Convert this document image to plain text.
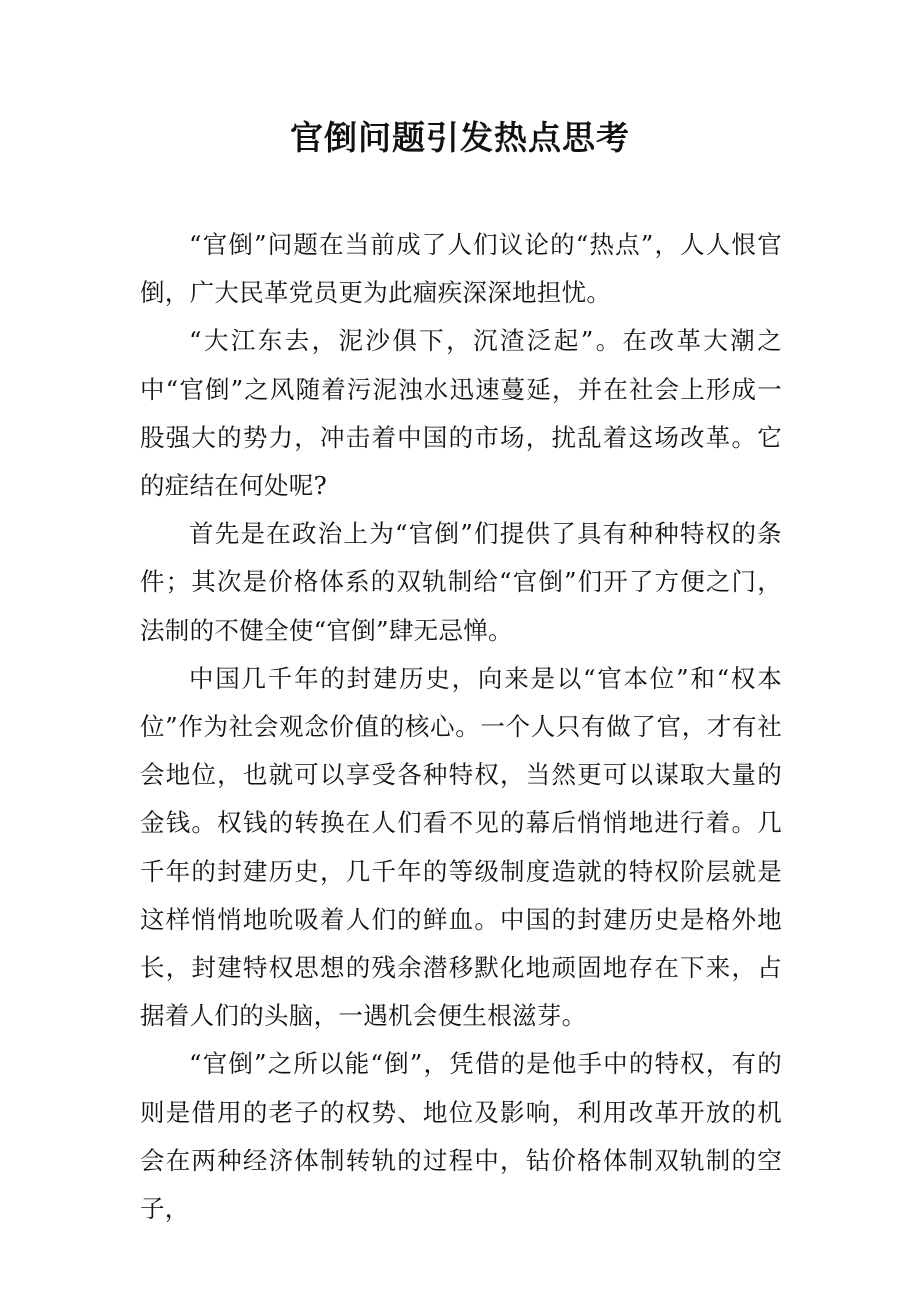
官倒问题引发热点思考

“官倒”问题在当前成了人们议论的“热点”，人人恨官倒，广大民革党员更为此痼疾深深地担忧。

“大江东去，泥沙俱下，沉渣泛起”。在改革大潮之中“官倒”之风随着污泥浊水迅速蔓延，并在社会上形成一股强大的势力，冲击着中国的市场，扰乱着这场改革。它的症结在何处呢?

首先是在政治上为“官倒”们提供了具有种种特权的条件；其次是价格体系的双轨制给“官倒”们开了方便之门，法制的不健全使“官倒”肆无忌惮。

中国几千年的封建历史，向来是以“官本位”和“权本位”作为社会观念价值的核心。一个人只有做了官，才有社会地位，也就可以享受各种特权，当然更可以谋取大量的金钱。权钱的转换在人们看不见的幕后悄悄地进行着。几千年的封建历史，几千年的等级制度造就的特权阶层就是这样悄悄地吮吸着人们的鲜血。中国的封建历史是格外地长，封建特权思想的残余潜移默化地顽固地存在下来，占据着人们的头脑，一遇机会便生根滋芽。

“官倒”之所以能“倒”，凭借的是他手中的特权，有的则是借用的老子的权势、地位及影响，利用改革开放的机会在两种经济体制转轨的过程中，钻价格体制双轨制的空子，
